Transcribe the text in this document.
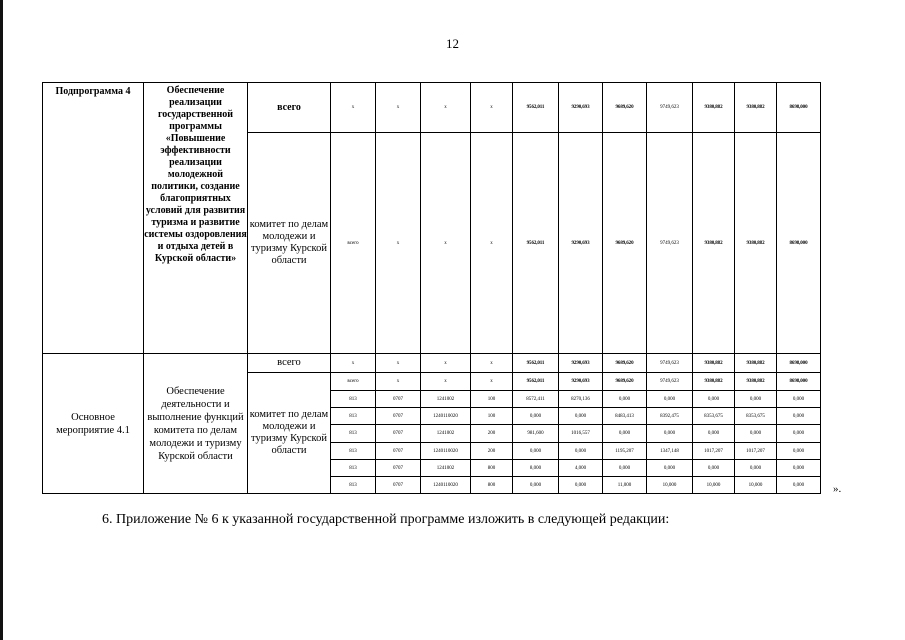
12
Подпрограмма 4	Обеспечение реализации государственной программы «Повышение эффективности реализации молодежной политики, создание благоприятных условий для развития туризма и развитие системы оздоровления и отдыха детей в Курской области»	всего	х	х	х	х	9562,011	9290,693	9689,620	9749,623	9380,882	9380,882	8698,000
		комитет по делам молодежи и туризму Курской области	всего	х	х	х	9562,011	9290,693	9689,620	9749,623	9380,882	9380,882	8698,000
Основное мероприятие 4.1	Обеспечение деятельности и выполнение функций комитета по делам молодежи и туризму Курской области	всего	х	х	х	х	9562,011	9290,693	9689,620	9749,623	9380,882	9380,882	8698,000
		комитет по делам молодежи и туризму Курской области	всего	х	х	х	9562,011	9290,693	9689,620	9749,623	9380,882	9380,882	8698,000
			813	0707	1241002	100	8572,411	8270,136	0,000	0,000	0,000	0,000	0,000
			813	0707	1240110020	100	0,000	0,000	8483,413	8392,475	8353,675	8353,675	0,000
			813	0707	1241002	200	981,600	1016,557	0,000	0,000	0,000	0,000	0,000
			813	0707	1240110020	200	0,000	0,000	1195,207	1347,148	1017,207	1017,207	0,000
			813	0707	1241002	800	8,000	4,000	0,000	0,000	0,000	0,000	0,000
			813	0707	1240110020	800	0,000	0,000	11,000	10,000	10,000	10,000	0,000	».
6. Приложение № 6 к указанной государственной программе изложить в следующей редакции:
